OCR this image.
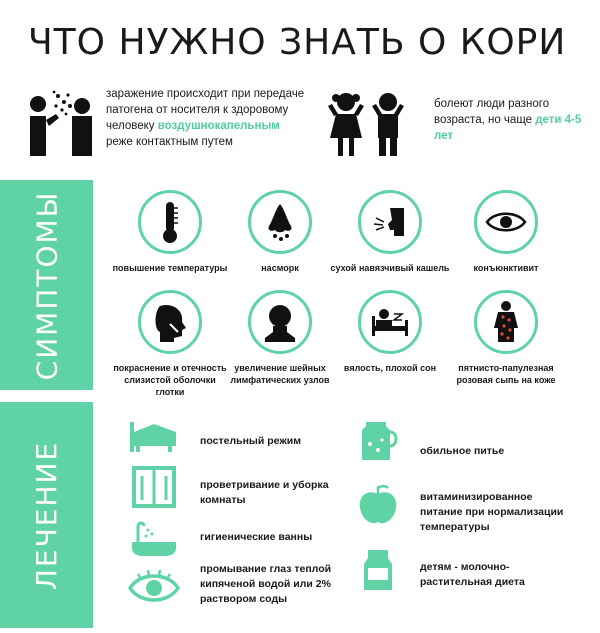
ЧТО НУЖНО ЗНАТЬ О КОРИ
заражение происходит при передаче патогена от носителя к здоровому человеку воздушнокапельным реже контактным путем
болеют люди разного возраста, но чаще дети 4-5 лет
СИМПТОМЫ
ЛЕЧЕНИЕ
повышение температуры	насморк	сухой навязчивый кашель	конъюнктивит
покраснение и отечность слизистой оболочки глотки
увеличение шейных лимфатических узлов
вялость, плохой сон	пятнисто-папулезная розовая сыпь на коже
постельный режим
проветривание и уборка комнаты
гигиенические ванны
промывание глаз теплой кипяченой водой или 2% раствором соды
обильное питье
витаминизированное питание при нормализации температуры
детям - молочно-растительная диета
